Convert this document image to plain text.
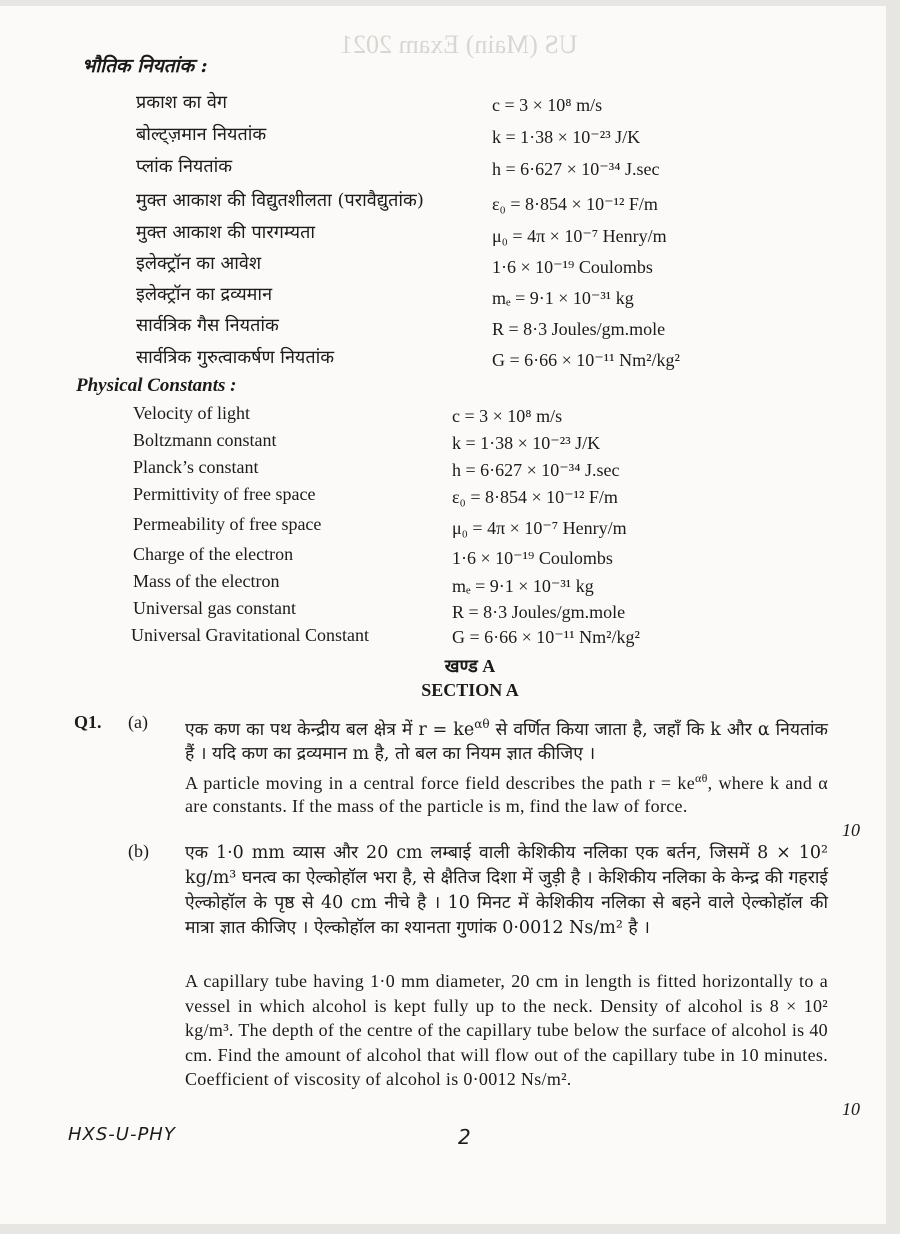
US (Main) Exam 2021
भौतिक नियतांक :
प्रकाश का वेग	c = 3 × 10⁸ m/s
बोल्ट्ज़मान नियतांक	k = 1·38 × 10⁻²³ J/K
प्लांक नियतांक	h = 6·627 × 10⁻³⁴ J.sec
मुक्त आकाश की विद्युतशीलता (परावैद्युतांक)	ε₀ = 8·854 × 10⁻¹² F/m
मुक्त आकाश की पारगम्यता	μ₀ = 4π × 10⁻⁷ Henry/m
इलेक्ट्रॉन का आवेश	1·6 × 10⁻¹⁹ Coulombs
इलेक्ट्रॉन का द्रव्यमान	mₑ = 9·1 × 10⁻³¹ kg
सार्वत्रिक गैस नियतांक	R = 8·3 Joules/gm.mole
सार्वत्रिक गुरुत्वाकर्षण नियतांक	G = 6·66 × 10⁻¹¹ Nm²/kg²
Physical Constants :
Velocity of light	c = 3 × 10⁸ m/s
Boltzmann constant	k = 1·38 × 10⁻²³ J/K
Planck’s constant	h = 6·627 × 10⁻³⁴ J.sec
Permittivity of free space	ε₀ = 8·854 × 10⁻¹² F/m
Permeability of free space	μ₀ = 4π × 10⁻⁷ Henry/m
Charge of the electron	1·6 × 10⁻¹⁹ Coulombs
Mass of the electron	mₑ = 9·1 × 10⁻³¹ kg
Universal gas constant	R = 8·3 Joules/gm.mole
Universal Gravitational Constant	G = 6·66 × 10⁻¹¹ Nm²/kg²
खण्ड A
SECTION A
Q1. (a) एक कण का पथ केन्द्रीय बल क्षेत्र में $r = ke^{\alpha\theta}$ से वर्णित किया जाता है, जहाँ कि k और α नियतांक हैं । यदि कण का द्रव्यमान m है, तो बल का नियम ज्ञात कीजिए ।
A particle moving in a central force field describes the path $r = ke^{\alpha\theta}$, where k and α are constants. If the mass of the particle is m, find the law of force.
10
(b) एक 1·0 mm व्यास और 20 cm लम्बाई वाली केशिकीय नलिका एक बर्तन, जिसमें 8 × 10² kg/m³ घनत्व का ऐल्कोहॉल भरा है, से क्षैतिज दिशा में जुड़ी है । केशिकीय नलिका के केन्द्र की गहराई ऐल्कोहॉल के पृष्ठ से 40 cm नीचे है । 10 मिनट में केशिकीय नलिका से बहने वाले ऐल्कोहॉल की मात्रा ज्ञात कीजिए । ऐल्कोहॉल का श्यानता गुणांक 0·0012 Ns/m² है ।
A capillary tube having 1·0 mm diameter, 20 cm in length is fitted horizontally to a vessel in which alcohol is kept fully up to the neck. Density of alcohol is 8 × 10² kg/m³. The depth of the centre of the capillary tube below the surface of alcohol is 40 cm. Find the amount of alcohol that will flow out of the capillary tube in 10 minutes. Coefficient of viscosity of alcohol is 0·0012 Ns/m².
10
HXS-U-PHY	2
